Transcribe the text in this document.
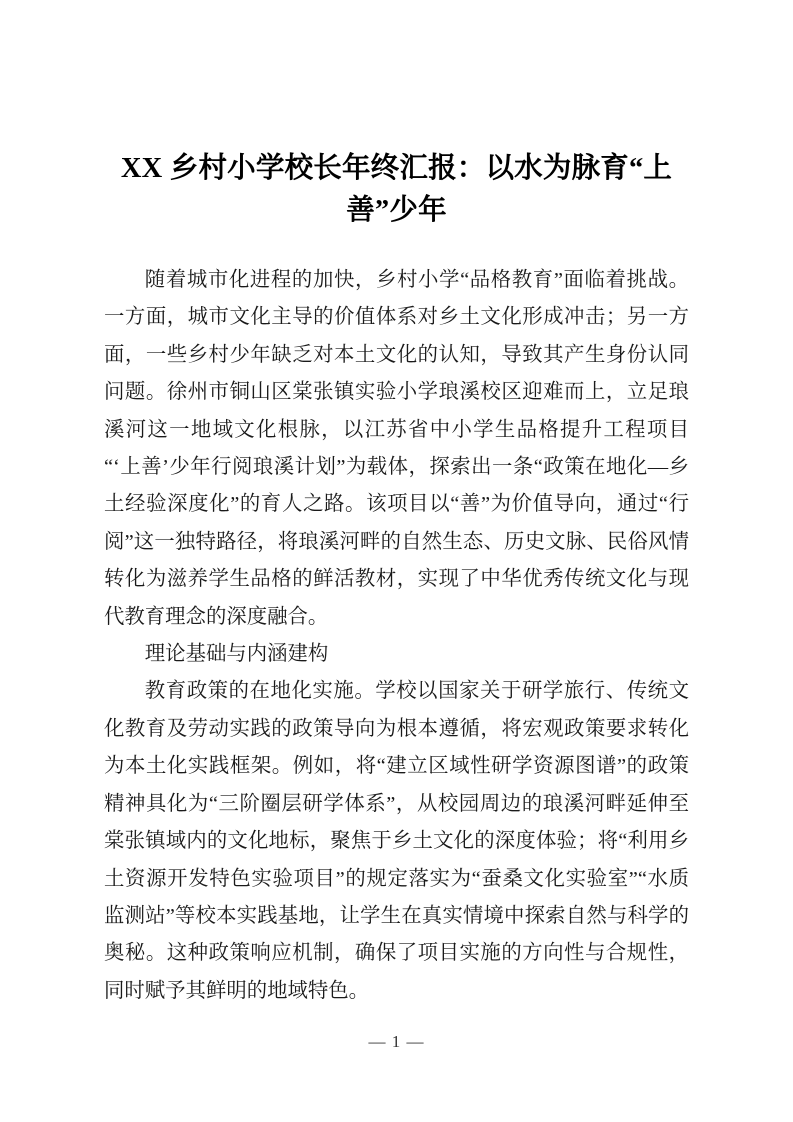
XX 乡村小学校长年终汇报：以水为脉育“上善”少年

随着城市化进程的加快，乡村小学“品格教育”面临着挑战。一方面，城市文化主导的价值体系对乡土文化形成冲击；另一方面，一些乡村少年缺乏对本土文化的认知，导致其产生身份认同问题。徐州市铜山区棠张镇实验小学琅溪校区迎难而上，立足琅溪河这一地域文化根脉，以江苏省中小学生品格提升工程项目“‘上善’少年行阅琅溪计划”为载体，探索出一条“政策在地化—乡土经验深度化”的育人之路。该项目以“善”为价值导向，通过“行阅”这一独特路径，将琅溪河畔的自然生态、历史文脉、民俗风情转化为滋养学生品格的鲜活教材，实现了中华优秀传统文化与现代教育理念的深度融合。

理论基础与内涵建构

教育政策的在地化实施。学校以国家关于研学旅行、传统文化教育及劳动实践的政策导向为根本遵循，将宏观政策要求转化为本土化实践框架。例如，将“建立区域性研学资源图谱”的政策精神具化为“三阶圈层研学体系”，从校园周边的琅溪河畔延伸至棠张镇域内的文化地标，聚焦于乡土文化的深度体验；将“利用乡土资源开发特色实验项目”的规定落实为“蚕桑文化实验室”“水质监测站”等校本实践基地，让学生在真实情境中探索自然与科学的奥秘。这种政策响应机制，确保了项目实施的方向性与合规性，同时赋予其鲜明的地域特色。

— 1 —
